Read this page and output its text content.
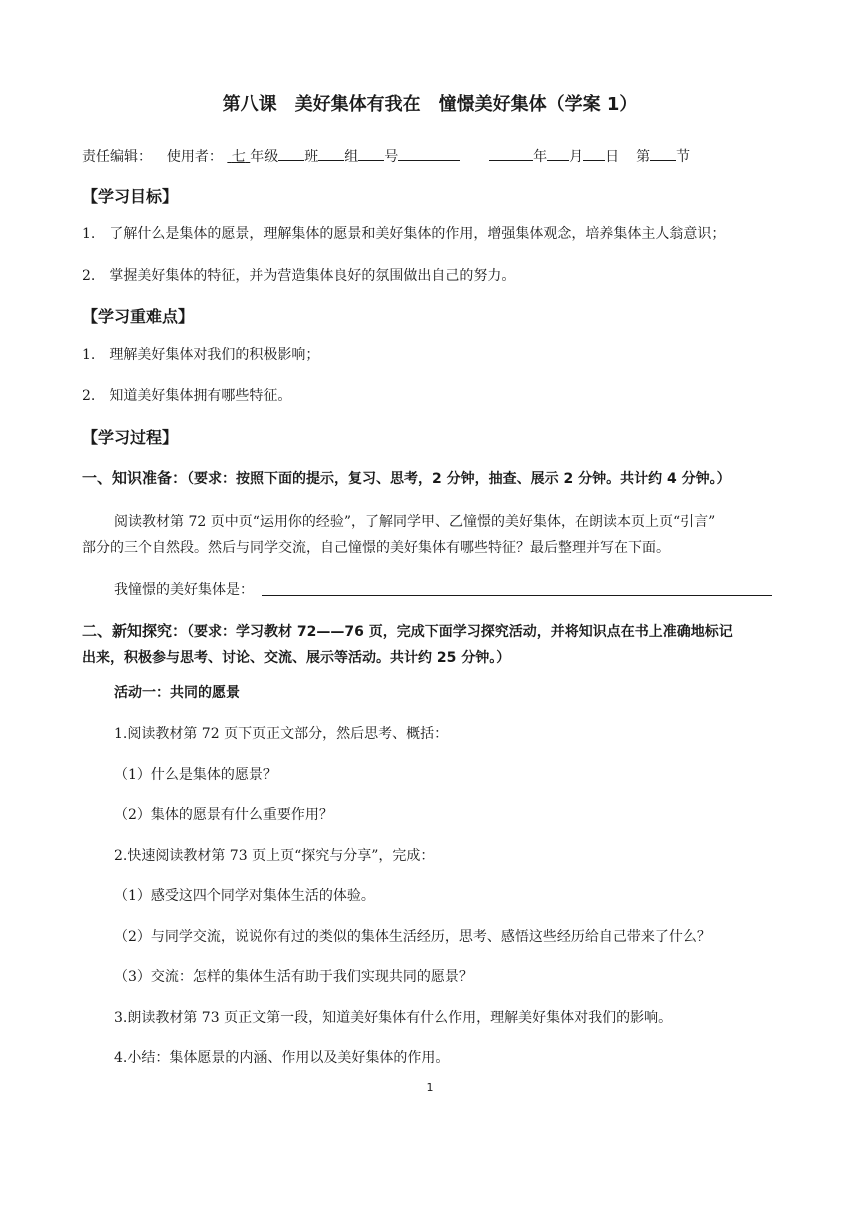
第八课　美好集体有我在　憧憬美好集体（学案 1）
责任编辑： 使用者： 七 年级 班 组 号	年 月 日 第 节
【学习目标】
1.　了解什么是集体的愿景，理解集体的愿景和美好集体的作用，增强集体观念，培养集体主人翁意识；
2.　掌握美好集体的特征，并为营造集体良好的氛围做出自己的努力。
【学习重难点】
1.　理解美好集体对我们的积极影响；
2.　知道美好集体拥有哪些特征。
【学习过程】
一、知识准备：（要求：按照下面的提示，复习、思考，2 分钟，抽查、展示 2 分钟。共计约 4 分钟。）
阅读教材第 72 页中页“运用你的经验”，了解同学甲、乙憧憬的美好集体，在朗读本页上页“引言”
部分的三个自然段。然后与同学交流，自己憧憬的美好集体有哪些特征？最后整理并写在下面。
我憧憬的美好集体是：
二、新知探究：（要求：学习教材 72——76 页，完成下面学习探究活动，并将知识点在书上准确地标记
出来，积极参与思考、讨论、交流、展示等活动。共计约 25 分钟。）
活动一：共同的愿景
1.阅读教材第 72 页下页正文部分，然后思考、概括：
（1）什么是集体的愿景？
（2）集体的愿景有什么重要作用？
2.快速阅读教材第 73 页上页“探究与分享”，完成：
（1）感受这四个同学对集体生活的体验。
（2）与同学交流，说说你有过的类似的集体生活经历，思考、感悟这些经历给自己带来了什么？
（3）交流：怎样的集体生活有助于我们实现共同的愿景？
3.朗读教材第 73 页正文第一段，知道美好集体有什么作用，理解美好集体对我们的影响。
4.小结：集体愿景的内涵、作用以及美好集体的作用。
1
